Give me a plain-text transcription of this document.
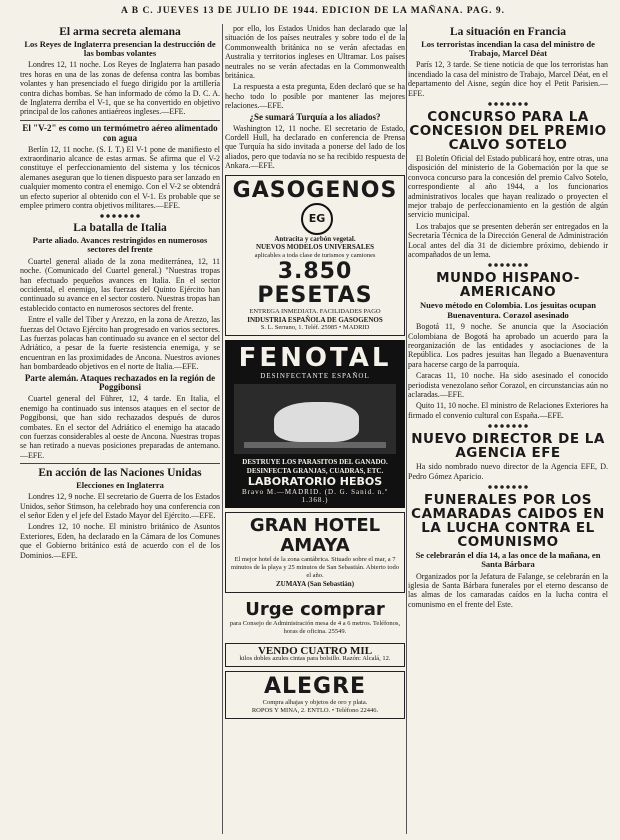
A B C. JUEVES 13 DE JULIO DE 1944. EDICION DE LA MAÑANA. PAG. 9.
El arma secreta alemana
Los Reyes de Inglaterra presencian la destrucción de las bombas volantes

Londres 12, 11 noche. Los Reyes de Inglaterra han pasado tres horas en una de las zonas de defensa contra las bombas volantes y han presenciado el fuego dirigido por la artillería contra dichas bombas. Se han informado de cómo la D. C. A. de Inglaterra derriba el V-1, que se ha convertido en objetivo principal de los cañones antiaéreos ingleses.—EFE.

El "V-2" es como un termómetro aéreo alimentado con agua

Berlín 12, 11 noche. (S. I. T.) El V-1 pone de manifiesto el extraordinario alcance de estas armas. Se afirma que el V-2 constituye el perfeccionamiento del sistema y los técnicos alemanes aseguran que lo tienen dispuesto para ser lanzado en cualquier momento contra el enemigo. Con el V-2 se obtendrá un efecto superior al obtenido con el V-1. Es probable que se emplee primero contra objetivos militares.—EFE.

La batalla de Italia
Parte aliado. Avances restringidos en numerosos sectores del frente

Cuartel general aliado de la zona mediterránea, 12, 11 noche. (Comunicado del Cuartel general.) "Nuestras tropas han efectuado pequeños avances en Italia. En el sector occidental, el enemigo, las fuerzas del Quinto Ejército han continuado su avance en el sector costero. Nuestras tropas han establecido contacto en numerosos sectores del frente.

Entre el valle del Tíber y Arezzo, en la zona de Arezzo, las fuerzas del Octavo Ejército han progresado en varios sectores. Las fuerzas polacas han continuado su avance en el sector del Adriático, a pesar de la fuerte resistencia enemiga, y se encuentran en las proximidades de Ancona. Nuestros aviones han bombardeado objetivos en el norte de Italia.—EFE.

Parte alemán. Ataques rechazados en la región de Poggibonsi

Cuartel general del Führer, 12, 4 tarde. En Italia, el enemigo ha continuado sus intensos ataques en el sector de Poggibonsi, que han sido rechazados después de duros combates. En el sector del Adriático el enemigo ha atacado con fuerzas considerables al oeste de Ancona. Nuestras tropas se han retirado a nuevas posiciones preparadas de antemano.—EFE.

En acción de las Naciones Unidas
Elecciones en Inglaterra

Londres 12, 9 noche. El secretario de Guerra de los Estados Unidos, señor Stimson, ha celebrado hoy una conferencia con el señor Eden y el jefe del Estado Mayor del Ejército.—EFE.

Londres 12, 10 noche. El ministro británico de Asuntos Exteriores, Eden, ha declarado en la Cámara de los Comunes que el Gobierno británico está de acuerdo con el de los Dominios.—EFE.

por ello, los Estados Unidos han declarado que la situación de los países neutrales y sobre todo el de la Commonwealth británica no se verán afectadas en Australia y territorios ingleses en Ultramar. Los países neutrales no se verán afectadas en la Commonwealth británica.

La respuesta a esta pregunta, Eden declaró que se ha hecho todo lo posible por mantener las mejores relaciones.—EFE.

¿Se sumará Turquía a los aliados?

Washington 12, 11 noche. El secretario de Estado, Cordell Hull, ha declarado en conferencia de Prensa que Turquía ha sido invitada a ponerse del lado de los aliados, pero que todavía no se ha recibido respuesta de Ankara.—EFE.

GASOGENOSEG
Antracita y carbón vegetal.
NUEVOS MODELOS UNIVERSALES
aplicables a toda clase de turismos y camiones
3.850 PESETAS
ENTREGA INMEDIATA. FACILIDADES PAGO
INDUSTRIA ESPAÑOLA DE GASOGENOS
S. L. Serrano, 1. Teléf. 25985 • MADRID
FENOTAL
DESINFECTANTE ESPAÑOL
DESTRUYE LOS PARASITOS DEL GANADO. DESINFECTA GRANJAS, CUADRAS, ETC.
LABORATORIO HEBOS
Bravo M.—MADRID. (D. G. Sanid. n.º 1.368.)
GRAN HOTEL AMAYA
El mejor hotel de la zona cantábrica. Situado sobre el mar, a 7 minutos de la playa y 25 minutos de San Sebastián. Abierto todo el año.
ZUMAYA (San Sebastián)
Urge comprar
para Consejo de Administración mesa de 4 a 6 metros. Teléfonos, horas de oficina. 25549.
VENDO CUATRO MIL
kilos dobles azules cintas para bolsillo. Razón: Alcalá, 12.
ALEGRE
Compra alhajas y objetos de oro y plata.
ROPOS Y MINA, 2. ENTLO. • Teléfono 22446.
La situación en Francia
Los terroristas incendian la casa del ministro de Trabajo, Marcel Déat

París 12, 3 tarde. Se tiene noticia de que los terroristas han incendiado la casa del ministro de Trabajo, Marcel Déat, en el departamento del Aisne, según dice hoy el Petit Parisien.—EFE.

CONCURSO PARA LA CONCESION DEL PREMIO CALVO SOTELO

El Boletín Oficial del Estado publicará hoy, entre otras, una disposición del ministerio de la Gobernación por la que se convoca concurso para la concesión del premio Calvo Sotelo, correspondiente al año 1944, a los funcionarios administrativos locales que hayan realizado o proyecten el mejor trabajo de perfeccionamiento en la gestión de algún servicio municipal.

Los trabajos que se presenten deberán ser entregados en la Secretaría Técnica de la Dirección General de Administración Local antes del día 31 de diciembre próximo, debiendo ir acompañados de un lema.

MUNDO HISPANO-AMERICANO
Nuevo método en Colombia. Los jesuitas ocupan Buenaventura. Corazol asesinado

Bogotá 11, 9 noche. Se anuncia que la Asociación Colombiana de Bogotá ha aprobado un acuerdo para la reorganización de las entidades y asociaciones de la República. Los padres jesuitas han llegado a Buenaventura para hacerse cargo de la parroquia.

Caracas 11, 10 noche. Ha sido asesinado el conocido periodista venezolano señor Corazol, en circunstancias aún no aclaradas.—EFE.

Quito 11, 10 noche. El ministro de Relaciones Exteriores ha firmado el convenio cultural con España.—EFE.

NUEVO DIRECTOR DE LA AGENCIA EFE

Ha sido nombrado nuevo director de la Agencia EFE, D. Pedro Gómez Aparicio.

FUNERALES POR LOS CAMARADAS CAIDOS EN LA LUCHA CONTRA EL COMUNISMO
Se celebrarán el día 14, a las once de la mañana, en Santa Bárbara

Organizados por la Jefatura de Falange, se celebrarán en la iglesia de Santa Bárbara funerales por el eterno descanso de las almas de los camaradas caídos en la lucha contra el comunismo en el frente del Este.
